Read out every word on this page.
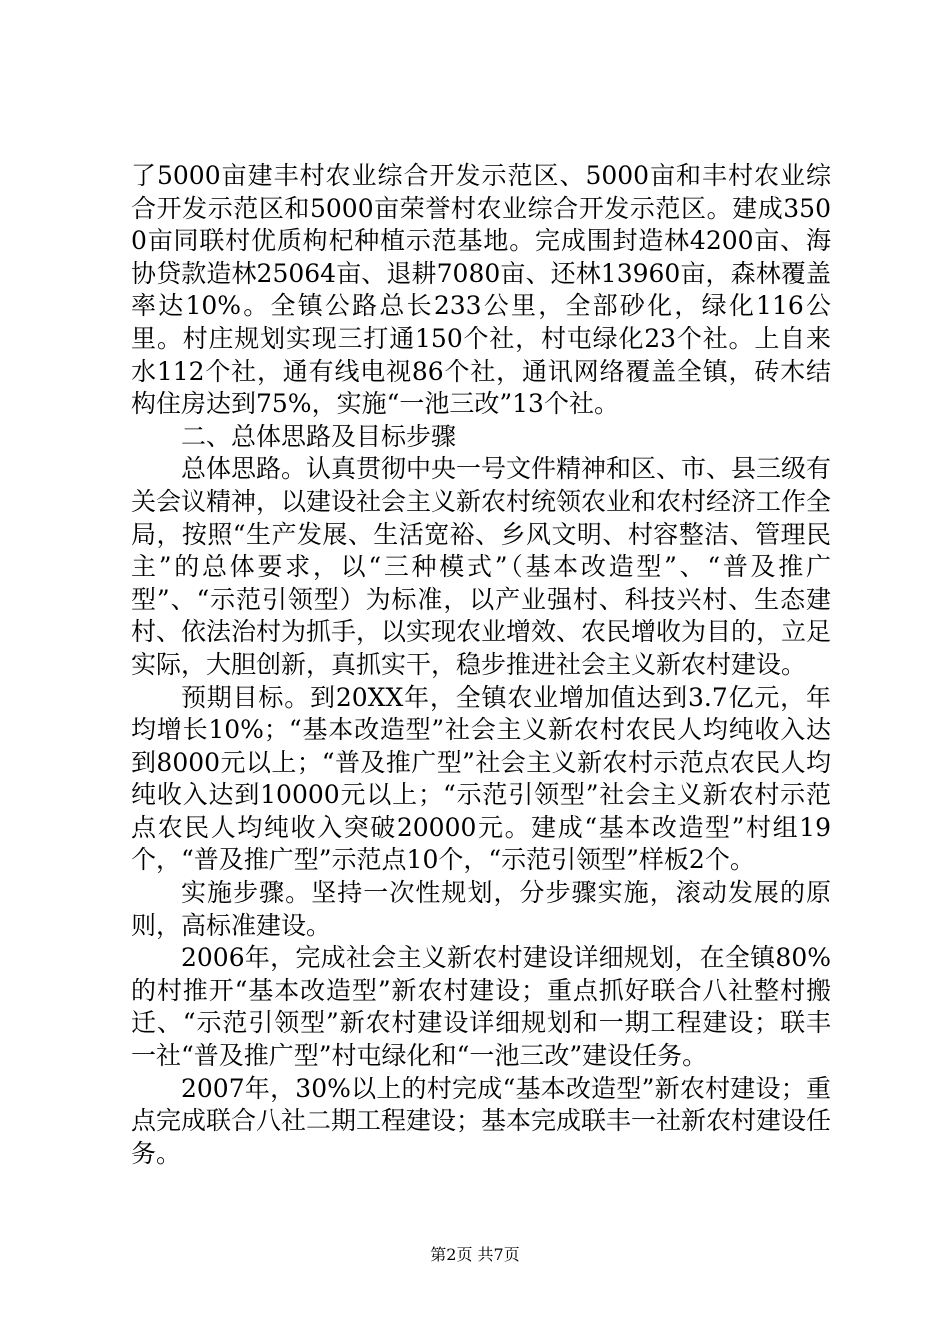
了5000亩建丰村农业综合开发示范区、5000亩和丰村农业综合开发示范区和5000亩荣誉村农业综合开发示范区。建成3500亩同联村优质枸杞种植示范基地。完成围封造林4200亩、海协贷款造林25064亩、退耕7080亩、还林13960亩，森林覆盖率达10%。全镇公路总长233公里，全部砂化，绿化116公里。村庄规划实现三打通150个社，村屯绿化23个社。上自来水112个社，通有线电视86个社，通讯网络覆盖全镇，砖木结构住房达到75%，实施“一池三改”13个社。

二、总体思路及目标步骤

总体思路。认真贯彻中央一号文件精神和区、市、县三级有关会议精神，以建设社会主义新农村统领农业和农村经济工作全局，按照“生产发展、生活宽裕、乡风文明、村容整洁、管理民主”的总体要求，以“三种模式”（基本改造型”、“普及推广型”、“示范引领型）为标准，以产业强村、科技兴村、生态建村、依法治村为抓手，以实现农业增效、农民增收为目的，立足实际，大胆创新，真抓实干，稳步推进社会主义新农村建设。

预期目标。到20XX年，全镇农业增加值达到3.7亿元，年均增长10%；“基本改造型”社会主义新农村农民人均纯收入达到8000元以上；“普及推广型”社会主义新农村示范点农民人均纯收入达到10000元以上；“示范引领型”社会主义新农村示范点农民人均纯收入突破20000元。建成“基本改造型”村组19个，“普及推广型”示范点10个，“示范引领型”样板2个。

实施步骤。坚持一次性规划，分步骤实施，滚动发展的原则，高标准建设。

2006年，完成社会主义新农村建设详细规划，在全镇80%的村推开“基本改造型”新农村建设；重点抓好联合八社整村搬迁、“示范引领型”新农村建设详细规划和一期工程建设；联丰一社“普及推广型”村屯绿化和“一池三改”建设任务。

2007年，30%以上的村完成“基本改造型”新农村建设；重点完成联合八社二期工程建设；基本完成联丰一社新农村建设任务。

第2页 共7页
